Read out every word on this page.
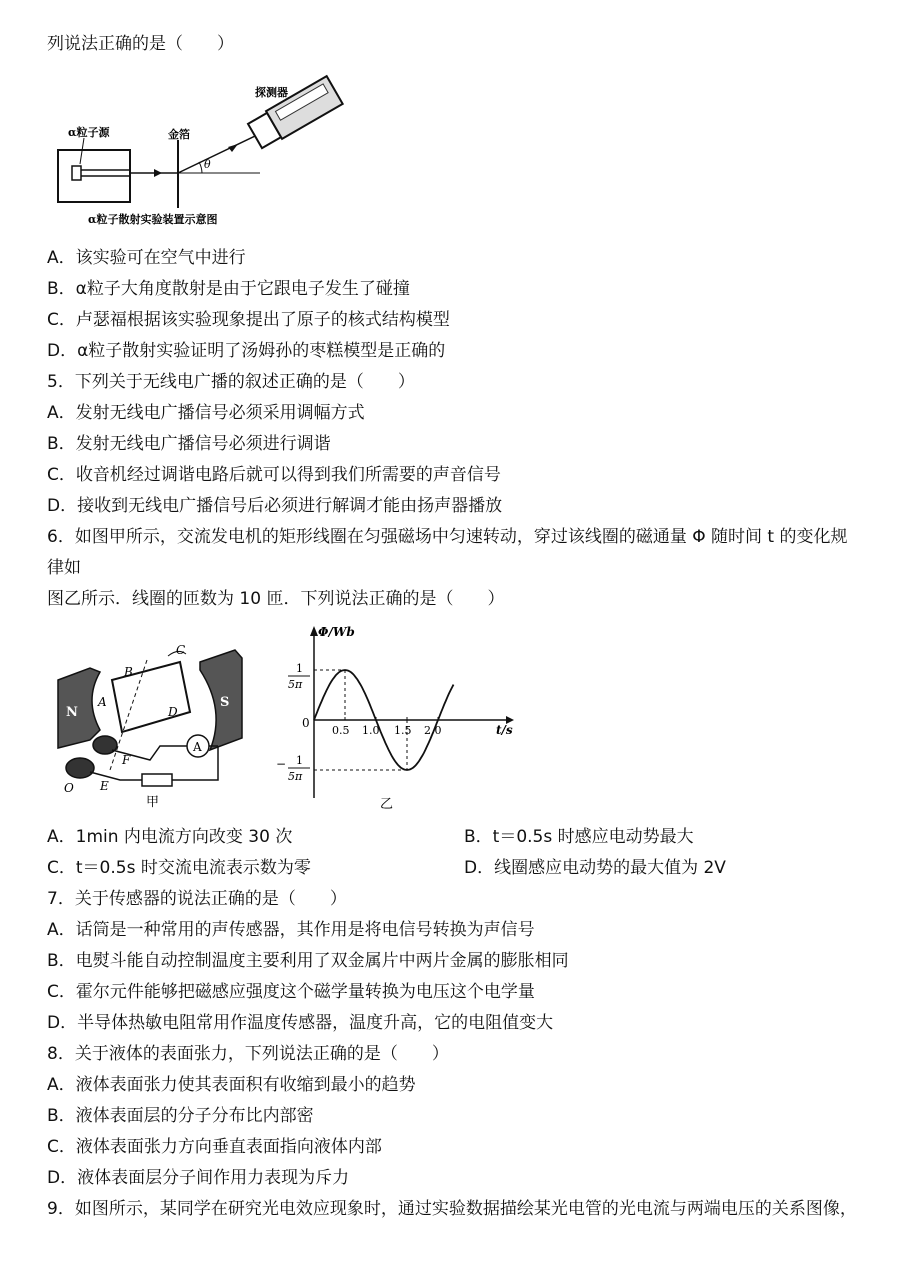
列说法正确的是（　　）
α粒子源	金箔
探测器
θ
α粒子散射实验装置示意图
A．该实验可在空气中进行
B．α粒子大角度散射是由于它跟电子发生了碰撞
C．卢瑟福根据该实验现象提出了原子的核式结构模型
D．α粒子散射实验证明了汤姆孙的枣糕模型是正确的
5．下列关于无线电广播的叙述正确的是（　　）
A．发射无线电广播信号必须采用调幅方式
B．发射无线电广播信号必须进行调谐
C．收音机经过调谐电路后就可以得到我们所需要的声音信号
D．接收到无线电广播信号后必须进行解调才能由扬声器播放
6．如图甲所示，交流发电机的矩形线圈在匀强磁场中匀速转动，穿过该线圈的磁通量 Φ 随时间 t 的变化规
律如
图乙所示．线圈的匝数为 10 匝．下列说法正确的是（　　）
N
S
A
A
B
C
D
F
E
O
甲
Φ/Wb
t/s
0
1
5π
− 1
5π
0.5 1.0 1.5 2.0
乙
A．1min 内电流方向改变 30 次	B．t＝0.5s 时感应电动势最大
C．t＝0.5s 时交流电流表示数为零	D．线圈感应电动势的最大值为 2V
7．关于传感器的说法正确的是（　　）
A．话筒是一种常用的声传感器，其作用是将电信号转换为声信号
B．电熨斗能自动控制温度主要利用了双金属片中两片金属的膨胀相同
C．霍尔元件能够把磁感应强度这个磁学量转换为电压这个电学量
D．半导体热敏电阻常用作温度传感器，温度升高，它的电阻值变大
8．关于液体的表面张力，下列说法正确的是（　　）
A．液体表面张力使其表面积有收缩到最小的趋势
B．液体表面层的分子分布比内部密
C．液体表面张力方向垂直表面指向液体内部
D．液体表面层分子间作用力表现为斥力
9．如图所示，某同学在研究光电效应现象时，通过实验数据描绘某光电管的光电流与两端电压的关系图像，
